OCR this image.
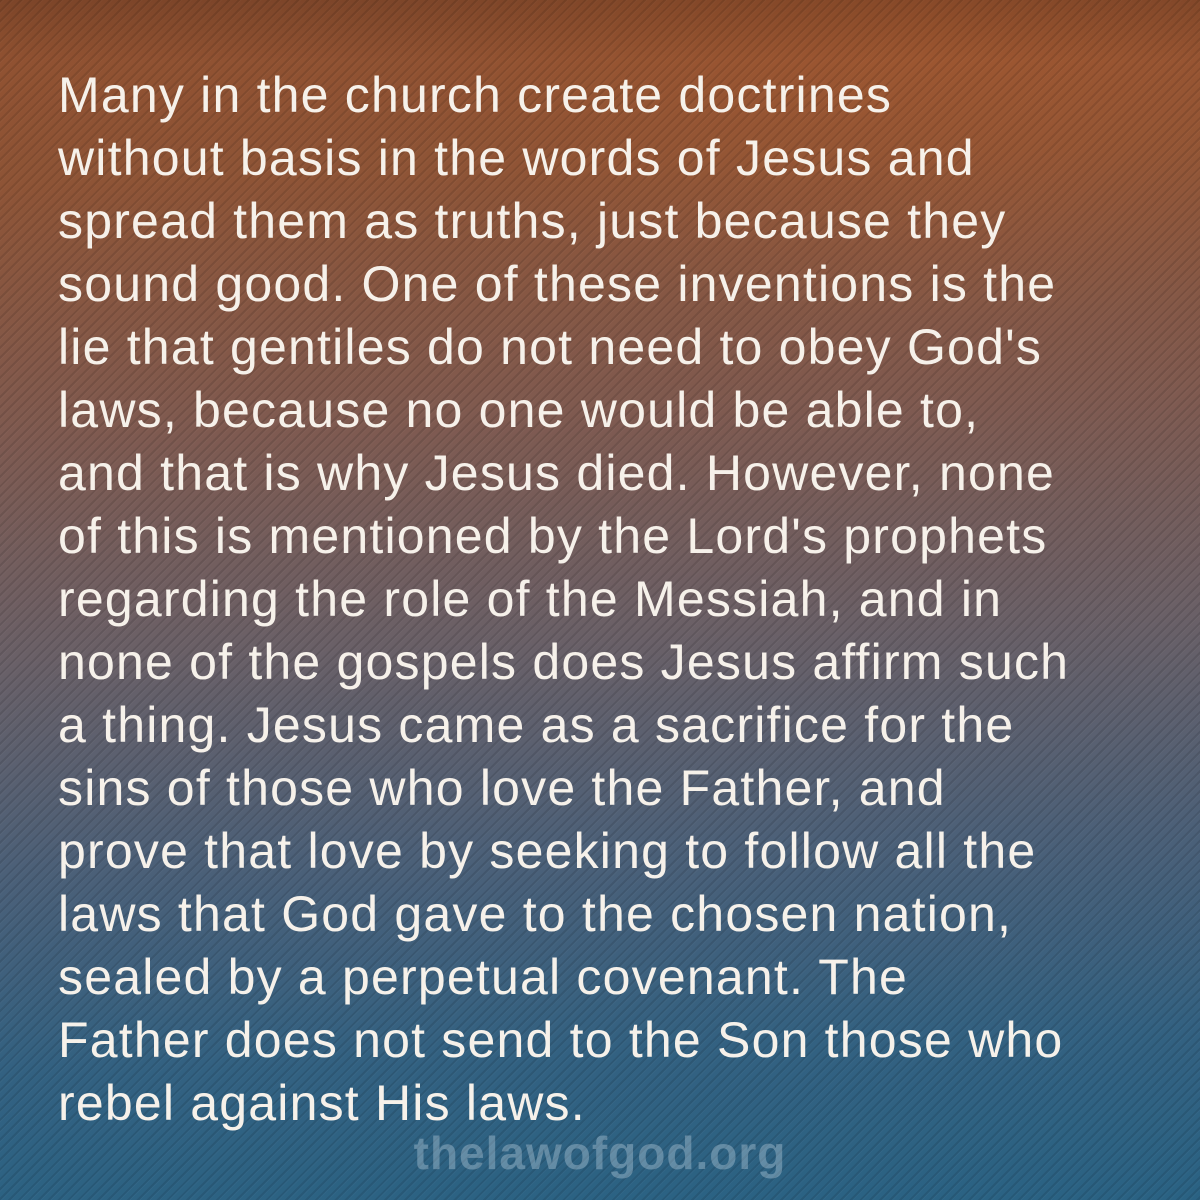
Many in the church create doctrines
without basis in the words of Jesus and
spread them as truths, just because they
sound good. One of these inventions is the
lie that gentiles do not need to obey God's
laws, because no one would be able to,
and that is why Jesus died. However, none
of this is mentioned by the Lord's prophets
regarding the role of the Messiah, and in
none of the gospels does Jesus affirm such
a thing. Jesus came as a sacrifice for the
sins of those who love the Father, and
prove that love by seeking to follow all the
laws that God gave to the chosen nation,
sealed by a perpetual covenant. The
Father does not send to the Son those who
rebel against His laws.
thelawofgod.org
